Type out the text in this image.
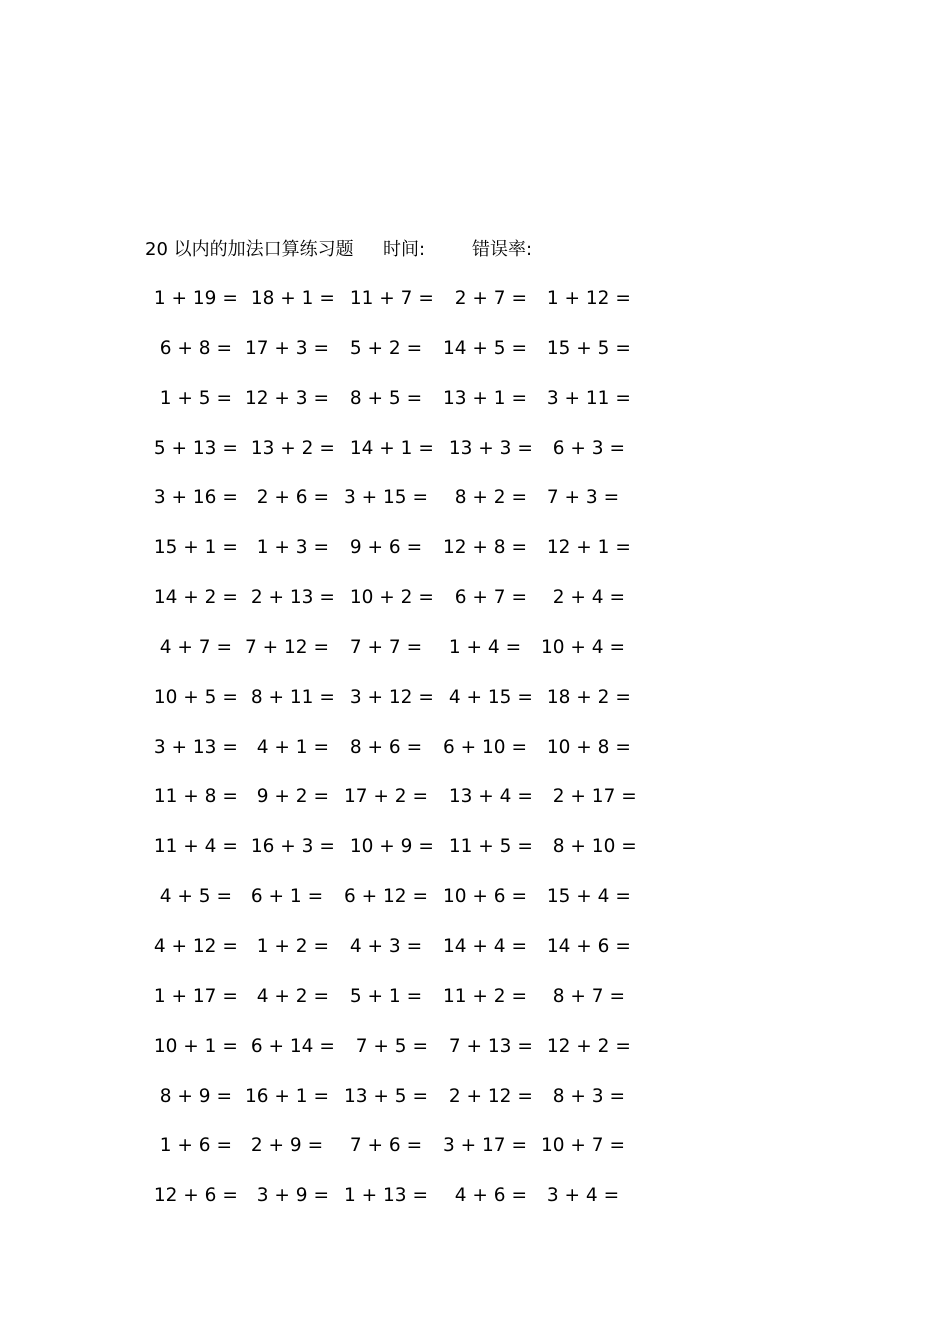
20 以内的加法口算练习题 时间:	错误率:
1 + 19 = 18 + 1 = 11 + 7 = 2 + 7 = 1 + 12 =
6 + 8 = 17 + 3 = 5 + 2 = 14 + 5 = 15 + 5 =
1 + 5 = 12 + 3 = 8 + 5 = 13 + 1 = 3 + 11 =
5 + 13 = 13 + 2 = 14 + 1 = 13 + 3 = 6 + 3 =
3 + 16 = 2 + 6 = 3 + 15 = 8 + 2 = 7 + 3 =
15 + 1 = 1 + 3 = 9 + 6 = 12 + 8 = 12 + 1 =
14 + 2 = 2 + 13 = 10 + 2 = 6 + 7 = 2 + 4 =
4 + 7 = 7 + 12 = 7 + 7 = 1 + 4 = 10 + 4 =
10 + 5 = 8 + 11 = 3 + 12 = 4 + 15 = 18 + 2 =
3 + 13 = 4 + 1 = 8 + 6 = 6 + 10 = 10 + 8 =
11 + 8 = 9 + 2 = 17 + 2 = 13 + 4 = 2 + 17 =
11 + 4 = 16 + 3 = 10 + 9 = 11 + 5 = 8 + 10 =
4 + 5 = 6 + 1 = 6 + 12 = 10 + 6 = 15 + 4 =
4 + 12 = 1 + 2 = 4 + 3 = 14 + 4 = 14 + 6 =
1 + 17 = 4 + 2 = 5 + 1 = 11 + 2 = 8 + 7 =
10 + 1 = 6 + 14 = 7 + 5 = 7 + 13 = 12 + 2 =
8 + 9 = 16 + 1 = 13 + 5 = 2 + 12 = 8 + 3 =
1 + 6 = 2 + 9 = 7 + 6 = 3 + 17 = 10 + 7 =
12 + 6 = 3 + 9 = 1 + 13 = 4 + 6 = 3 + 4 =
